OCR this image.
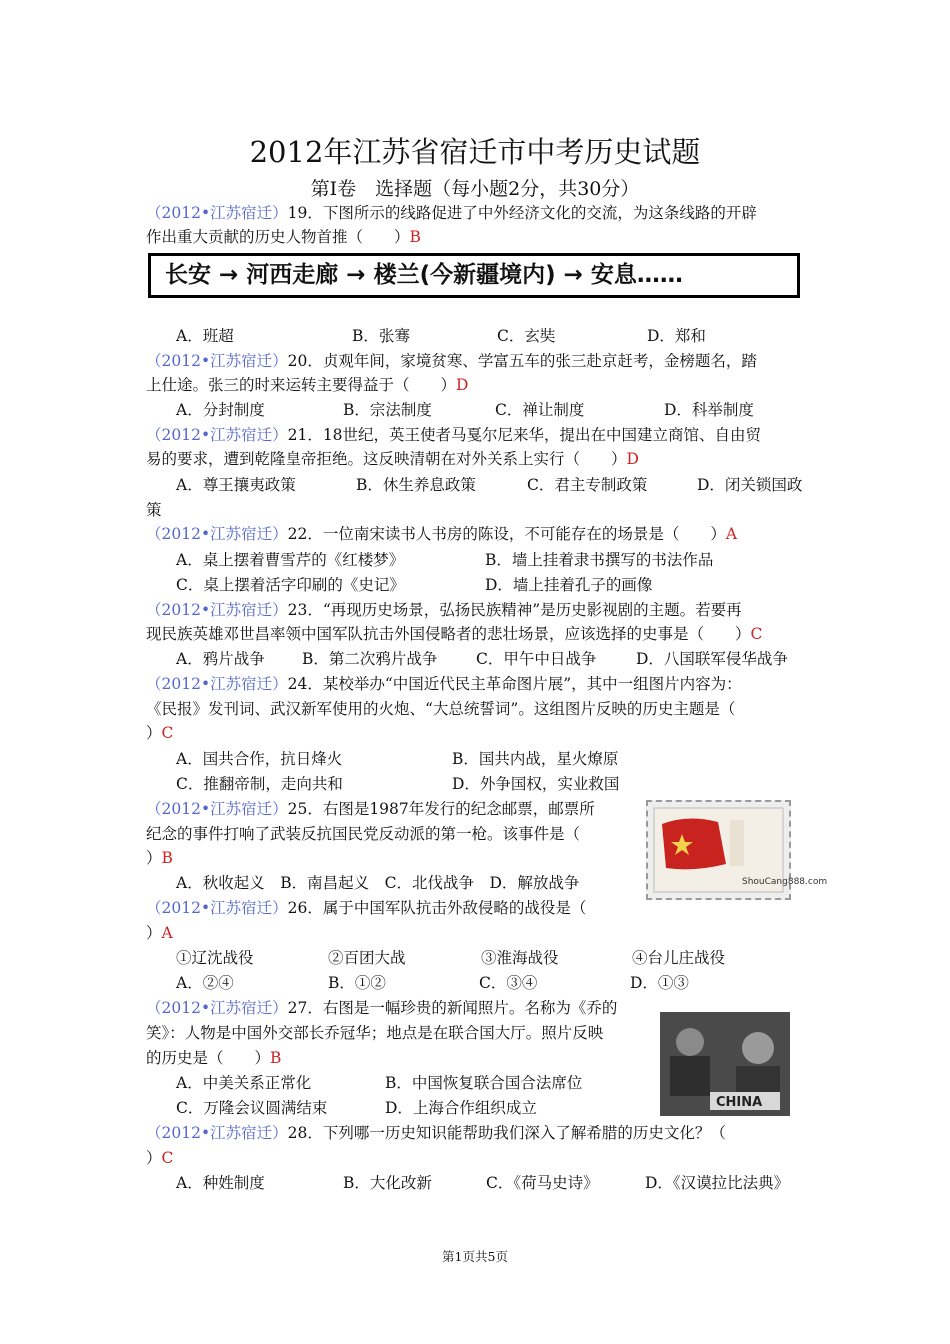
2012年江苏省宿迁市中考历史试题
第Ⅰ卷　选择题（每小题2分，共30分）
（2012•江苏宿迁）19．下图所示的线路促进了中外经济文化的交流，为这条线路的开辟
作出重大贡献的历史人物首推（　　）B
长安 → 河西走廊 → 楼兰(今新疆境内) → 安息……
A．班超	B．张骞	C．玄奘	D．郑和
（2012•江苏宿迁）20．贞观年间，家境贫寒、学富五车的张三赴京赶考，金榜题名，踏
上仕途。张三的时来运转主要得益于（　　）D
A．分封制度	B．宗法制度	C．禅让制度	D．科举制度
（2012•江苏宿迁）21．18世纪，英王使者马戛尔尼来华，提出在中国建立商馆、自由贸
易的要求，遭到乾隆皇帝拒绝。这反映清朝在对外关系上实行（　　）D
A．尊王攘夷政策	B．休生养息政策	C．君主专制政策	D．闭关锁国政
策
（2012•江苏宿迁）22．一位南宋读书人书房的陈设，不可能存在的场景是（　　）A
A．桌上摆着曹雪芹的《红楼梦》	B．墙上挂着隶书撰写的书法作品
C．桌上摆着活字印刷的《史记》	D．墙上挂着孔子的画像
（2012•江苏宿迁）23．“再现历史场景，弘扬民族精神”是历史影视剧的主题。若要再
现民族英雄邓世昌率领中国军队抗击外国侵略者的悲壮场景，应该选择的史事是（　　）C
A．鸦片战争 B．第二次鸦片战争 C．甲午中日战争	D．八国联军侵华战争
（2012•江苏宿迁）24．某校举办“中国近代民主革命图片展”，其中一组图片内容为：
《民报》发刊词、武汉新军使用的火炮、“大总统誓词”。这组图片反映的历史主题是（
）C
A．国共合作，抗日烽火	B．国共内战，星火燎原
C．推翻帝制，走向共和	D．外争国权，实业救国
（2012•江苏宿迁）25．右图是1987年发行的纪念邮票，邮票所
纪念的事件打响了武装反抗国民党反动派的第一枪。该事件是（
）B
A．秋收起义　B．南昌起义　C．北伐战争　D．解放战争	ShouCang888.com
（2012•江苏宿迁）26．属于中国军队抗击外敌侵略的战役是（
）A
①辽沈战役	②百团大战	③淮海战役	④台儿庄战役
A．②④	B．①②	C．③④	D．①③
（2012•江苏宿迁）27．右图是一幅珍贵的新闻照片。名称为《乔的
笑》：人物是中国外交部长乔冠华；地点是在联合国大厅。照片反映
的历史是（　　）B
A．中美关系正常化	B．中国恢复联合国合法席位
C．万隆会议圆满结束	D．上海合作组织成立	CHINA
（2012•江苏宿迁）28．下列哪一历史知识能帮助我们深入了解希腊的历史文化？（
）C
A．种姓制度	B．大化改新	C．《荷马史诗》	D．《汉谟拉比法典》
第1页共5页
